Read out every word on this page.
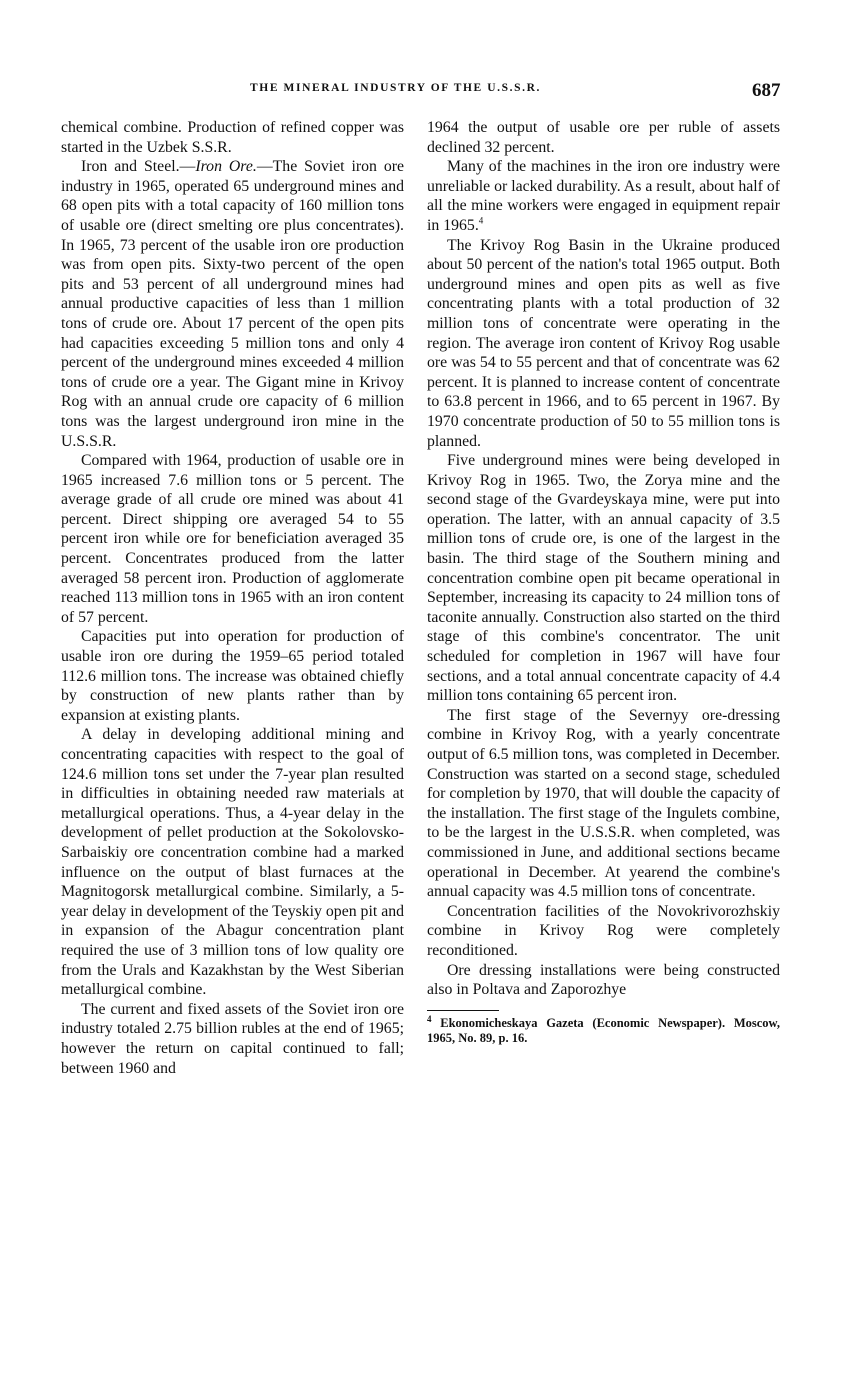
THE MINERAL INDUSTRY OF THE U.S.S.R.	687

chemical combine. Production of refined copper was started in the Uzbek S.S.R.

Iron and Steel.—Iron Ore.—The Soviet iron ore industry in 1965, operated 65 underground mines and 68 open pits with a total capacity of 160 million tons of usable ore (direct smelting ore plus concentrates). In 1965, 73 percent of the usable iron ore production was from open pits. Sixty-two percent of the open pits and 53 percent of all underground mines had annual productive capacities of less than 1 million tons of crude ore. About 17 percent of the open pits had capacities exceeding 5 million tons and only 4 percent of the underground mines exceeded 4 million tons of crude ore a year. The Gigant mine in Krivoy Rog with an annual crude ore capacity of 6 million tons was the largest underground iron mine in the U.S.S.R.

Compared with 1964, production of usable ore in 1965 increased 7.6 million tons or 5 percent. The average grade of all crude ore mined was about 41 percent. Direct shipping ore averaged 54 to 55 percent iron while ore for beneficiation averaged 35 percent. Concentrates produced from the latter averaged 58 percent iron. Production of agglomerate reached 113 million tons in 1965 with an iron content of 57 percent.

Capacities put into operation for production of usable iron ore during the 1959–65 period totaled 112.6 million tons. The increase was obtained chiefly by construction of new plants rather than by expansion at existing plants.

A delay in developing additional mining and concentrating capacities with respect to the goal of 124.6 million tons set under the 7-year plan resulted in difficulties in obtaining needed raw materials at metallurgical operations. Thus, a 4-year delay in the development of pellet production at the Sokolovsko-Sarbaiskiy ore concentration combine had a marked influence on the output of blast furnaces at the Magnitogorsk metallurgical combine. Similarly, a 5-year delay in development of the Teyskiy open pit and in expansion of the Abagur concentration plant required the use of 3 million tons of low quality ore from the Urals and Kazakhstan by the West Siberian metallurgical combine.

The current and fixed assets of the Soviet iron ore industry totaled 2.75 billion rubles at the end of 1965; however the return on capital continued to fall; between 1960 and

1964 the output of usable ore per ruble of assets declined 32 percent.

Many of the machines in the iron ore industry were unreliable or lacked durability. As a result, about half of all the mine workers were engaged in equipment repair in 1965.$^4$

The Krivoy Rog Basin in the Ukraine produced about 50 percent of the nation's total 1965 output. Both underground mines and open pits as well as five concentrating plants with a total production of 32 million tons of concentrate were operating in the region. The average iron content of Krivoy Rog usable ore was 54 to 55 percent and that of concentrate was 62 percent. It is planned to increase content of concentrate to 63.8 percent in 1966, and to 65 percent in 1967. By 1970 concentrate production of 50 to 55 million tons is planned.

Five underground mines were being developed in Krivoy Rog in 1965. Two, the Zorya mine and the second stage of the Gvardeyskaya mine, were put into operation. The latter, with an annual capacity of 3.5 million tons of crude ore, is one of the largest in the basin. The third stage of the Southern mining and concentration combine open pit became operational in September, increasing its capacity to 24 million tons of taconite annually. Construction also started on the third stage of this combine's concentrator. The unit scheduled for completion in 1967 will have four sections, and a total annual concentrate capacity of 4.4 million tons containing 65 percent iron.

The first stage of the Severnyy ore-dressing combine in Krivoy Rog, with a yearly concentrate output of 6.5 million tons, was completed in December. Construction was started on a second stage, scheduled for completion by 1970, that will double the capacity of the installation. The first stage of the Ingulets combine, to be the largest in the U.S.S.R. when completed, was commissioned in June, and additional sections became operational in December. At yearend the combine's annual capacity was 4.5 million tons of concentrate.

Concentration facilities of the Novokrivorozhskiy combine in Krivoy Rog were completely reconditioned.

Ore dressing installations were being constructed also in Poltava and Zaporozhye

$^4$ Ekonomicheskaya Gazeta (Economic Newspaper). Moscow, 1965, No. 89, p. 16.
